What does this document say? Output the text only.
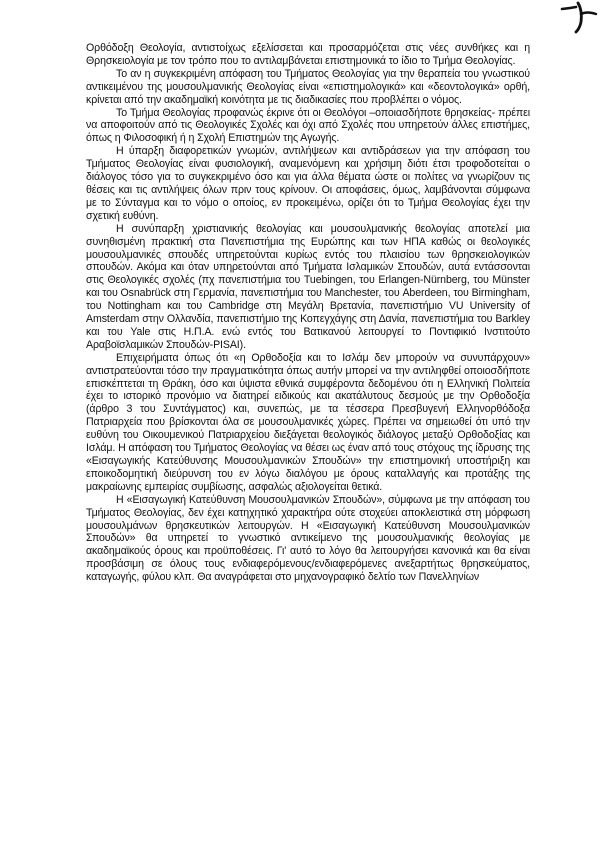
Ορθόδοξη Θεολογία, αντιστοίχως εξελίσσεται και προσαρμόζεται στις νέες συνθήκες και η Θρησκειολογία με τον τρόπο που το αντιλαμβάνεται επιστημονικά το ίδιο το Τμήμα Θεολογίας.

Το αν η συγκεκριμένη απόφαση του Τμήματος Θεολογίας για την θεραπεία του γνωστικού αντικειμένου της μουσουλμανικής Θεολογίας είναι «επιστημολογικά» και «δεοντολογικά» ορθή, κρίνεται από την ακαδημαϊκή κοινότητα με τις διαδικασίες που προβλέπει ο νόμος.

Το Τμήμα Θεολογίας προφανώς έκρινε ότι οι Θεολόγοι –οποιασδήποτε θρησκείας- πρέπει να αποφοιτούν από τις Θεολογικές Σχολές και όχι από Σχολές που υπηρετούν άλλες επιστήμες, όπως η Φιλοσοφική ή η Σχολή Επιστημών της Αγωγής.

Η ύπαρξη διαφορετικών γνωμών, αντιλήψεων και αντιδράσεων για την απόφαση του Τμήματος Θεολογίας είναι φυσιολογική, αναμενόμενη και χρήσιμη διότι έτσι τροφοδοτείται ο διάλογος τόσο για το συγκεκριμένο όσο και για άλλα θέματα ώστε οι πολίτες να γνωρίζουν τις θέσεις και τις αντιλήψεις όλων πριν τους κρίνουν. Οι αποφάσεις, όμως, λαμβάνονται σύμφωνα με το Σύνταγμα και το νόμο ο οποίος, εν προκειμένω, ορίζει ότι το Τμήμα Θεολογίας έχει την σχετική ευθύνη.

Η συνύπαρξη χριστιανικής θεολογίας και μουσουλμανικής θεολογίας αποτελεί μια συνηθισμένη πρακτική στα Πανεπιστήμια της Ευρώπης και των ΗΠΑ καθώς οι θεολογικές μουσουλμανικές σπουδές υπηρετούνται κυρίως εντός του πλαισίου των θρησκειολογικών σπουδών. Ακόμα και όταν υπηρετούνται από Τμήματα Ισλαμικών Σπουδών, αυτά εντάσσονται στις Θεολογικές σχολές (πχ πανεπιστήμια του Tuebingen, του Erlangen-Nürnberg, του Münster και του Osnabrück στη Γερμανία, πανεπιστήμια του Manchester, του Aberdeen, του Birmingham, του Nottingham και του Cambridge στη Μεγάλη Βρετανία, πανεπιστήμιο VU University of Amsterdam στην Ολλανδία, πανεπιστήμιο της Κοπεγχάγης στη Δανία, πανεπιστήμια του Barkley και του Yale στις Η.Π.Α. ενώ εντός του Βατικανού λειτουργεί το Ποντιφικιό Ινστιτούτο Αραβοϊσλαμικών Σπουδών-PISAI).

Επιχειρήματα όπως ότι «η Ορθοδοξία και το Ισλάμ δεν μπορούν να συνυπάρχουν» αντιστρατεύονται τόσο την πραγματικότητα όπως αυτήν μπορεί να την αντιληφθεί οποιοσδήποτε επισκέπτεται τη Θράκη, όσο και ύψιστα εθνικά συμφέροντα δεδομένου ότι η Ελληνική Πολιτεία έχει το ιστορικό προνόμιο να διατηρεί ειδικούς και ακατάλυτους δεσμούς με την Ορθοδοξία (άρθρο 3 του Συντάγματος) και, συνεπώς, με τα τέσσερα Πρεσβυγενή Ελληνορθόδοξα Πατριαρχεία που βρίσκονται όλα σε μουσουλμανικές χώρες. Πρέπει να σημειωθεί ότι υπό την ευθύνη του Οικουμενικού Πατριαρχείου διεξάγεται θεολογικός διάλογος μεταξύ Ορθοδοξίας και Ισλάμ. Η απόφαση του Τμήματος Θεολογίας να θέσει ως έναν από τους στόχους της ίδρυσης της «Εισαγωγικής Κατεύθυνσης Μουσουλμανικών Σπουδών» την επιστημονική υποστήριξη και εποικοδομητική διεύρυνση του εν λόγω διαλόγου με όρους καταλλαγής και προτάξης της μακραίωνης εμπειρίας συμβίωσης, ασφαλώς αξιολογείται θετικά.

Η «Εισαγωγική Κατεύθυνση Μουσουλμανικών Σπουδών», σύμφωνα με την απόφαση του Τμήματος Θεολογίας, δεν έχει κατηχητικό χαρακτήρα ούτε στοχεύει αποκλειστικά στη μόρφωση μουσουλμάνων θρησκευτικών λειτουργών. Η «Εισαγωγική Κατεύθυνση Μουσουλμανικών Σπουδών» θα υπηρετεί το γνωστικό αντικείμενο της μουσουλμανικής θεολογίας με ακαδημαϊκούς όρους και προϋποθέσεις. Γι' αυτό το λόγο θα λειτουργήσει κανονικά και θα είναι προσβάσιμη σε όλους τους ενδιαφερόμενους/ενδιαφερόμενες ανεξαρτήτως θρησκεύματος, καταγωγής, φύλου κλπ. Θα αναγράφεται στο μηχανογραφικό δελτίο των Πανελληνίων
